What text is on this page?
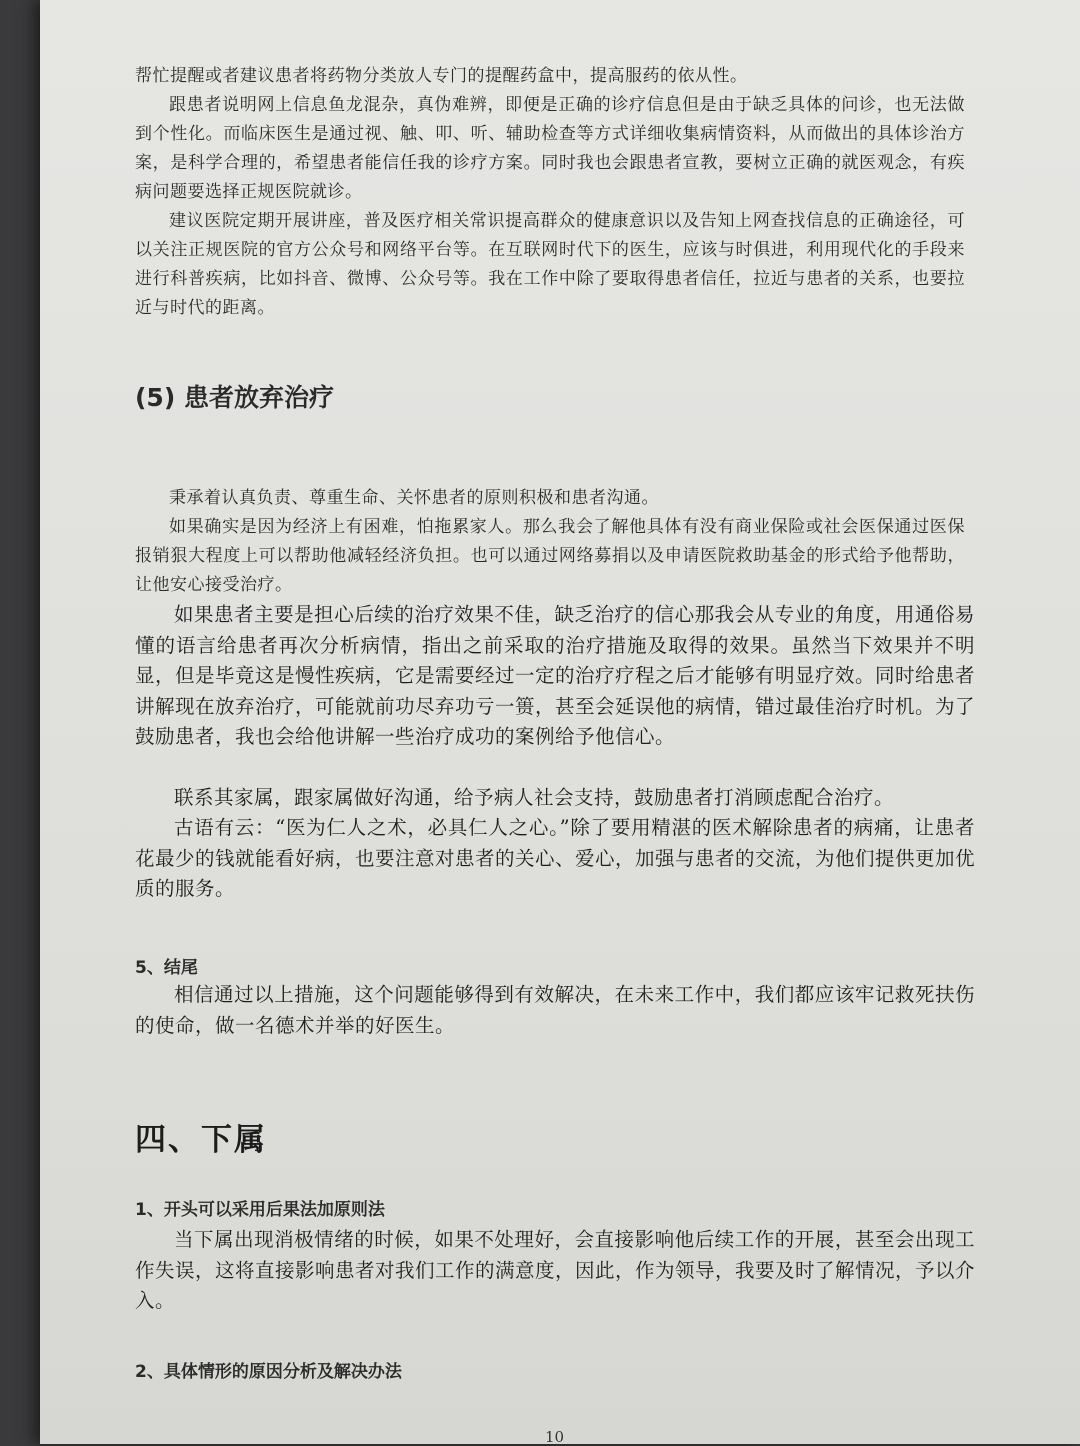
帮忙提醒或者建议患者将药物分类放人专门的提醒药盒中，提高服药的依从性。

跟患者说明网上信息鱼龙混杂，真伪难辨，即便是正确的诊疗信息但是由于缺乏具体的问诊，也无法做到个性化。而临床医生是通过视、触、叩、听、辅助检查等方式详细收集病情资料，从而做出的具体诊治方案，是科学合理的，希望患者能信任我的诊疗方案。同时我也会跟患者宣教，要树立正确的就医观念，有疾病问题要选择正规医院就诊。

建议医院定期开展讲座，普及医疗相关常识提高群众的健康意识以及告知上网查找信息的正确途径，可以关注正规医院的官方公众号和网络平台等。在互联网时代下的医生，应该与时俱进，利用现代化的手段来进行科普疾病，比如抖音、微博、公众号等。我在工作中除了要取得患者信任，拉近与患者的关系，也要拉近与时代的距离。

(5) 患者放弃治疗

秉承着认真负责、尊重生命、关怀患者的原则积极和患者沟通。

如果确实是因为经济上有困难，怕拖累家人。那么我会了解他具体有没有商业保险或社会医保通过医保报销狠大程度上可以帮助他减轻经济负担。也可以通过网络募捐以及申请医院救助基金的形式给予他帮助，让他安心接受治疗。

如果患者主要是担心后续的治疗效果不佳，缺乏治疗的信心那我会从专业的角度，用通俗易懂的语言给患者再次分析病情，指出之前采取的治疗措施及取得的效果。虽然当下效果并不明显，但是毕竟这是慢性疾病，它是需要经过一定的治疗疗程之后才能够有明显疗效。同时给患者讲解现在放弃治疗，可能就前功尽弃功亏一篑，甚至会延误他的病情，错过最佳治疗时机。为了鼓励患者，我也会给他讲解一些治疗成功的案例给予他信心。

联系其家属，跟家属做好沟通，给予病人社会支持，鼓励患者打消顾虑配合治疗。

古语有云：“医为仁人之术，必具仁人之心。”除了要用精湛的医术解除患者的病痛，让患者花最少的钱就能看好病，也要注意对患者的关心、爱心，加强与患者的交流，为他们提供更加优质的服务。

5、结尾

相信通过以上措施，这个问题能够得到有效解决，在未来工作中，我们都应该牢记救死扶伤的使命，做一名德术并举的好医生。

四、下属
1、开头可以采用后果法加原则法

当下属出现消极情绪的时候，如果不处理好，会直接影响他后续工作的开展，甚至会出现工作失误，这将直接影响患者对我们工作的满意度，因此，作为领导，我要及时了解情况，予以介入。

2、具体情形的原因分析及解决办法
10
